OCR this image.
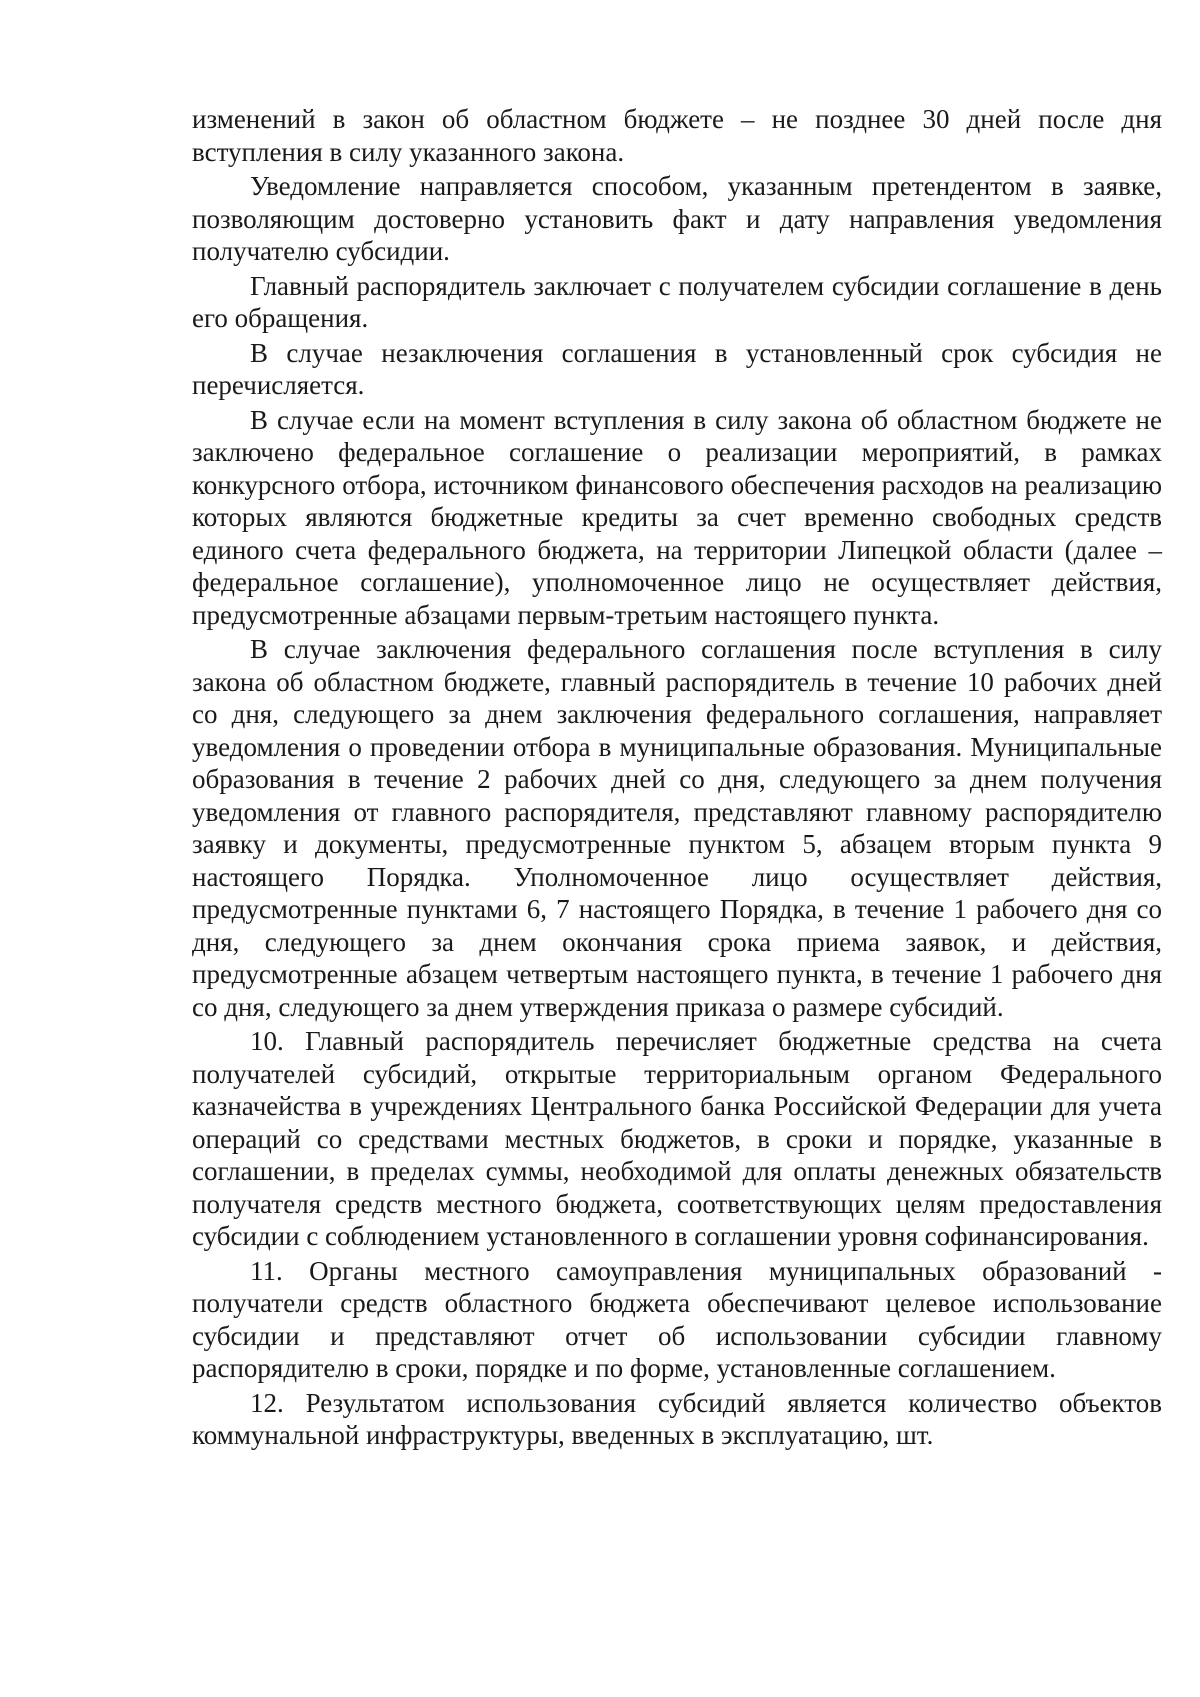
изменений в закон об областном бюджете – не позднее 30 дней после дня вступления в силу указанного закона.

Уведомление направляется способом, указанным претендентом в заявке, позволяющим достоверно установить факт и дату направления уведомления получателю субсидии.

Главный распорядитель заключает с получателем субсидии соглашение в день его обращения.

В случае незаключения соглашения в установленный срок субсидия не перечисляется.

В случае если на момент вступления в силу закона об областном бюджете не заключено федеральное соглашение о реализации мероприятий, в рамках конкурсного отбора, источником финансового обеспечения расходов на реализацию которых являются бюджетные кредиты за счет временно свободных средств единого счета федерального бюджета, на территории Липецкой области (далее – федеральное соглашение), уполномоченное лицо не осуществляет действия, предусмотренные абзацами первым-третьим настоящего пункта.

В случае заключения федерального соглашения после вступления в силу закона об областном бюджете, главный распорядитель в течение 10 рабочих дней со дня, следующего за днем заключения федерального соглашения, направляет уведомления о проведении отбора в муниципальные образования. Муниципальные образования в течение 2 рабочих дней со дня, следующего за днем получения уведомления от главного распорядителя, представляют главному распорядителю заявку и документы, предусмотренные пунктом 5, абзацем вторым пункта 9 настоящего Порядка. Уполномоченное лицо осуществляет действия, предусмотренные пунктами 6, 7 настоящего Порядка, в течение 1 рабочего дня со дня, следующего за днем окончания срока приема заявок, и действия, предусмотренные абзацем четвертым настоящего пункта, в течение 1 рабочего дня со дня, следующего за днем утверждения приказа о размере субсидий.

10. Главный распорядитель перечисляет бюджетные средства на счета получателей субсидий, открытые территориальным органом Федерального казначейства в учреждениях Центрального банка Российской Федерации для учета операций со средствами местных бюджетов, в сроки и порядке, указанные в соглашении, в пределах суммы, необходимой для оплаты денежных обязательств получателя средств местного бюджета, соответствующих целям предоставления субсидии с соблюдением установленного в соглашении уровня софинансирования.

11. Органы местного самоуправления муниципальных образований - получатели средств областного бюджета обеспечивают целевое использование субсидии и представляют отчет об использовании субсидии главному распорядителю в сроки, порядке и по форме, установленные соглашением.

12. Результатом использования субсидий является количество объектов коммунальной инфраструктуры, введенных в эксплуатацию, шт.
